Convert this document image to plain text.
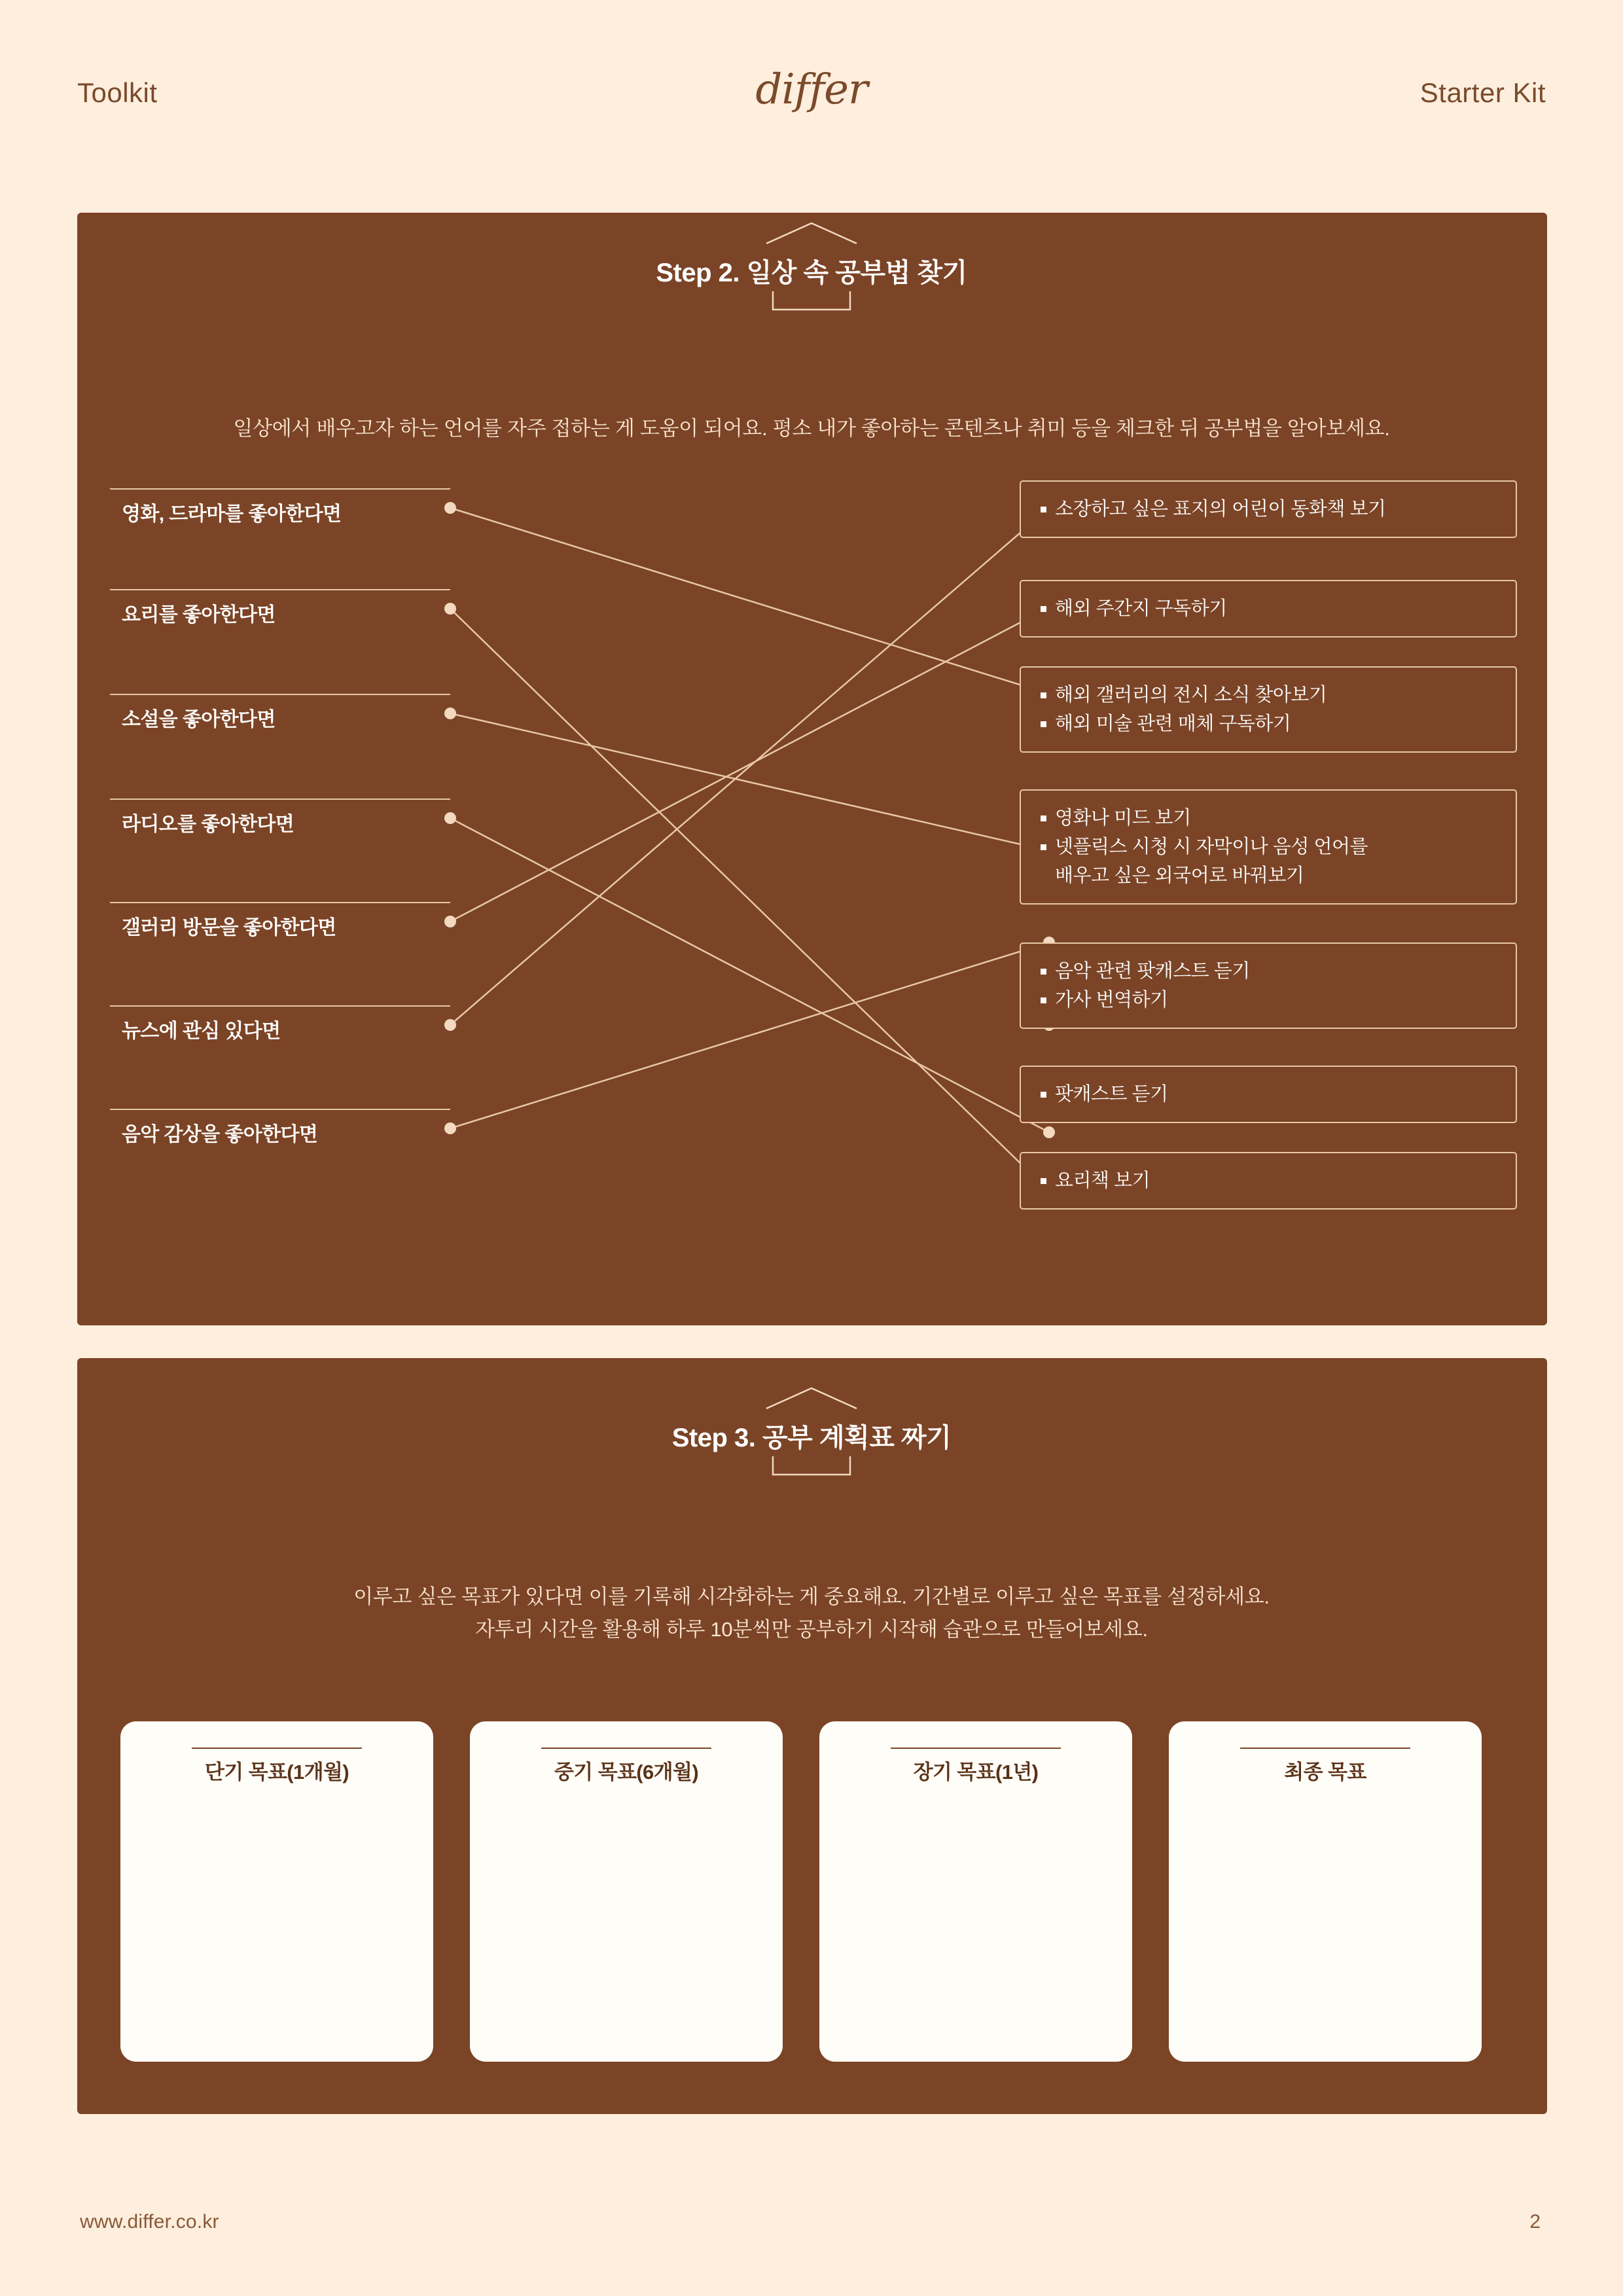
Toolkit	differ	Starter Kit
Step 2. 일상 속 공부법 찾기
일상에서 배우고자 하는 언어를 자주 접하는 게 도움이 되어요. 평소 내가 좋아하는 콘텐츠나 취미 등을 체크한 뒤 공부법을 알아보세요.
영화, 드라마를 좋아한다면
요리를 좋아한다면
소설을 좋아한다면
라디오를 좋아한다면
갤러리 방문을 좋아한다면
뉴스에 관심 있다면
음악 감상을 좋아한다면
소장하고 싶은 표지의 어린이 동화책 보기
해외 주간지 구독하기
해외 갤러리의 전시 소식 찾아보기
해외 미술 관련 매체 구독하기
영화나 미드 보기
넷플릭스 시청 시 자막이나 음성 언어를
배우고 싶은 외국어로 바꿔보기
음악 관련 팟캐스트 듣기
가사 번역하기
팟캐스트 듣기
요리책 보기
Step 3. 공부 계획표 짜기
이루고 싶은 목표가 있다면 이를 기록해 시각화하는 게 중요해요. 기간별로 이루고 싶은 목표를 설정하세요.
자투리 시간을 활용해 하루 10분씩만 공부하기 시작해 습관으로 만들어보세요.
단기 목표(1개월)	중기 목표(6개월)	장기 목표(1년)	최종 목표
www.differ.co.kr	2
